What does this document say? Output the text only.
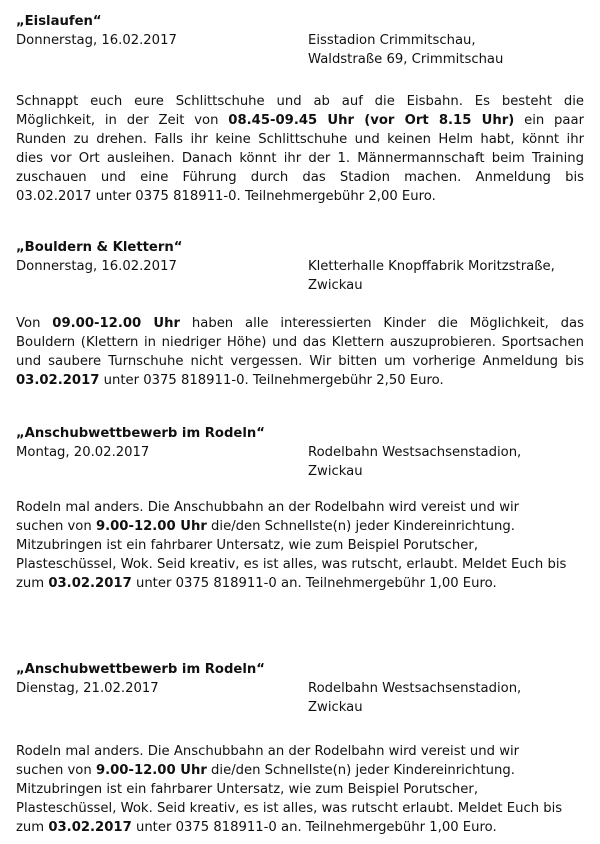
„Eislaufen“
Donnerstag, 16.02.2017	Eisstadion Crimmitschau,
Waldstraße 69, Crimmitschau

Schnappt euch eure Schlittschuhe und ab auf die Eisbahn. Es besteht die
Möglichkeit, in der Zeit von 08.45-09.45 Uhr (vor Ort 8.15 Uhr) ein paar
Runden zu drehen. Falls ihr keine Schlittschuhe und keinen Helm habt, könnt ihr
dies vor Ort ausleihen. Danach könnt ihr der 1. Männermannschaft beim Training
zuschauen und eine Führung durch das Stadion machen. Anmeldung bis
03.02.2017 unter 0375 818911-0. Teilnehmergebühr 2,00 Euro.

„Bouldern & Klettern“
Donnerstag, 16.02.2017	Kletterhalle Knopffabrik Moritzstraße,
Zwickau

Von 09.00-12.00 Uhr haben alle interessierten Kinder die Möglichkeit, das
Bouldern (Klettern in niedriger Höhe) und das Klettern auszuprobieren. Sportsachen
und saubere Turnschuhe nicht vergessen. Wir bitten um vorherige Anmeldung bis
03.02.2017 unter 0375 818911-0. Teilnehmergebühr 2,50 Euro.

„Anschubwettbewerb im Rodeln“
Montag, 20.02.2017	Rodelbahn Westsachsenstadion,
Zwickau

Rodeln mal anders. Die Anschubbahn an der Rodelbahn wird vereist und wir
suchen von 9.00-12.00 Uhr die/den Schnellste(n) jeder Kindereinrichtung.
Mitzubringen ist ein fahrbarer Untersatz, wie zum Beispiel Porutscher,
Plasteschüssel, Wok. Seid kreativ, es ist alles, was rutscht, erlaubt. Meldet Euch bis
zum 03.02.2017 unter 0375 818911-0 an. Teilnehmergebühr 1,00 Euro.

„Anschubwettbewerb im Rodeln“
Dienstag, 21.02.2017	Rodelbahn Westsachsenstadion,
Zwickau

Rodeln mal anders. Die Anschubbahn an der Rodelbahn wird vereist und wir
suchen von 9.00-12.00 Uhr die/den Schnellste(n) jeder Kindereinrichtung.
Mitzubringen ist ein fahrbarer Untersatz, wie zum Beispiel Porutscher,
Plasteschüssel, Wok. Seid kreativ, es ist alles, was rutscht erlaubt. Meldet Euch bis
zum 03.02.2017 unter 0375 818911-0 an. Teilnehmergebühr 1,00 Euro.
